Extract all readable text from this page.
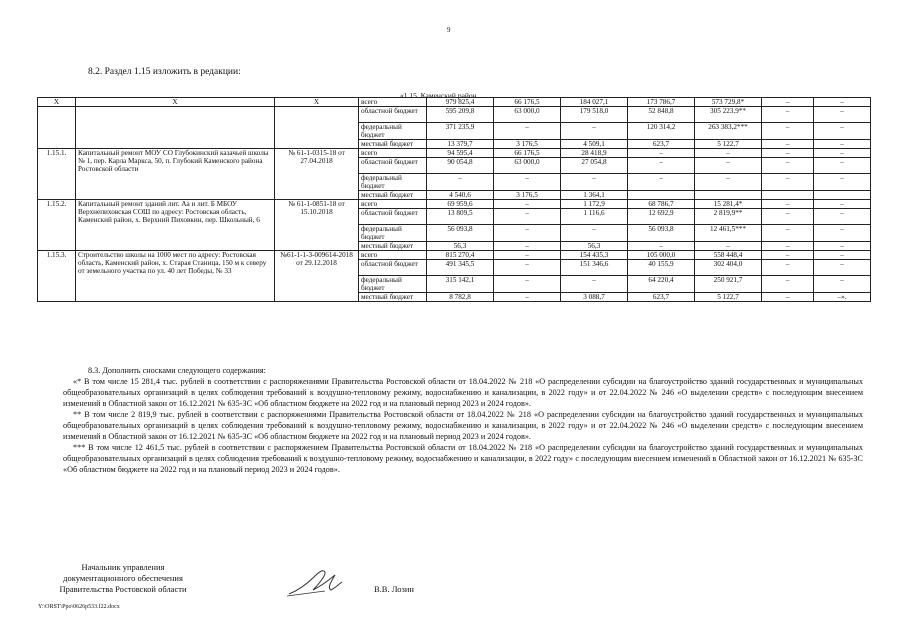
9
8.2. Раздел 1.15 изложить в редакции:
«1.15. Каменский район
Х	Х	Х	всего	979 825,4	66 176,5	184 027,1	173 786,7	573 729,8*	–	–
			областной бюджет	595 209,8	63 000,0	179 518,0	52 848,8	305 223,9**	–	–
			федеральный бюджет	371 235,9	–	–	120 314,2	263 383,2***	–	–
			местный бюджет	13 379,7	3 176,5	4 509,1	623,7	5 122,7	–	–
1.15.1.	Капитальный ремонт МОУ СО Глубокинский казачьей школы № 1, пер. Карла Маркса, 50, п. Глубокий Каменского района Ростовской области	№ 61-1-0315-18 от 27.04.2018	всего	94 595,4	66 176,5	28 418,9	–	–	–	–
			областной бюджет	90 054,8	63 000,0	27 054,8	–	–	–	–
			федеральный бюджет	–	–	–	–	–	–	–
			местный бюджет	4 540,6	3 176,5	1 364,1				
1.15.2.	Капитальный ремонт зданий лит. Аа и лит. Б МБОУ Верхнепиховская СОШ по адресу: Ростовская область, Каменский район, х. Верхний Пиховкин, пер. Школьный, 6	№ 61-1-0851-18 от 15.10.2018	всего	69 959,6	–	1 172,9	68 786,7	15 281,4*	–	–
			областной бюджет	13 809,5	–	1 116,6	12 692,9	2 819,9**	–	–
			федеральный бюджет	56 093,8	–	–	56 093,8	12 461,5***	–	–
			местный бюджет	56,3	–	56,3	–	–	–	–
1.15.3.	Строительство школы на 1000 мест по адресу: Ростовская область, Каменский район, х. Старая Станица, 150 м к северу от земельного участка по ул. 40 лет Победы, № 33	№61-1-1-3-009614-2018 от 29.12.2018	всего	815 270,4	–	154 435,3	105 000,0	558 448,4	–	–
			областной бюджет	491 345,5	–	151 346,6	40 155,9	302 404,0	–	–
			федеральный бюджет	315 142,1	–	–	64 220,4	250 921,7	–	–
			местный бюджет	8 782,8	–	3 088,7	623,7	5 122,7	–	–».

8.3. Дополнить сносками следующего содержания:

«* В том числе 15 281,4 тыс. рублей в соответствии с распоряжениями Правительства Ростовской области от 18.04.2022 № 218 «О распределении субсидии на благоустройство зданий государственных и муниципальных общеобразовательных организаций в целях соблюдения требований к воздушно-тепловому режиму, водоснабжению и канализации, в 2022 году» и от 22.04.2022 № 246 «О выделении средств» с последующим внесением изменений в Областной закон от 16.12.2021 № 635-ЗС «Об областном бюджете на 2022 год и на плановый период 2023 и 2024 годов».

** В том числе 2 819,9 тыс. рублей в соответствии с распоряжениями Правительства Ростовской области от 18.04.2022 № 218 «О распределении субсидии на благоустройство зданий государственных и муниципальных общеобразовательных организаций в целях соблюдения требований к воздушно-тепловому режиму, водоснабжению и канализации, в 2022 году» и от 22.04.2022 № 246 «О выделении средств» с последующим внесением изменений в Областной закон от 16.12.2021 № 635-ЗС «Об областном бюджете на 2022 год и на плановый период 2023 и 2024 годов».

*** В том числе 12 461,5 тыс. рублей в соответствии с распоряжением Правительства Ростовской области от 18.04.2022 № 218 «О распределении субсидии на благоустройство зданий государственных и муниципальных общеобразовательных организаций в целях соблюдения требований к воздушно-тепловому режиму, водоснабжению и канализации, в 2022 году» с последующим внесением изменений в Областной закон от 16.12.2021 № 635-ЗС «Об областном бюджете на 2022 год и на плановый период 2023 и 2024 годов».

Начальник управления
документационного обеспечения
Правительства Ростовской области	В.В. Лозин
Y:\ORST\Ppo\0626p533.f22.docx
